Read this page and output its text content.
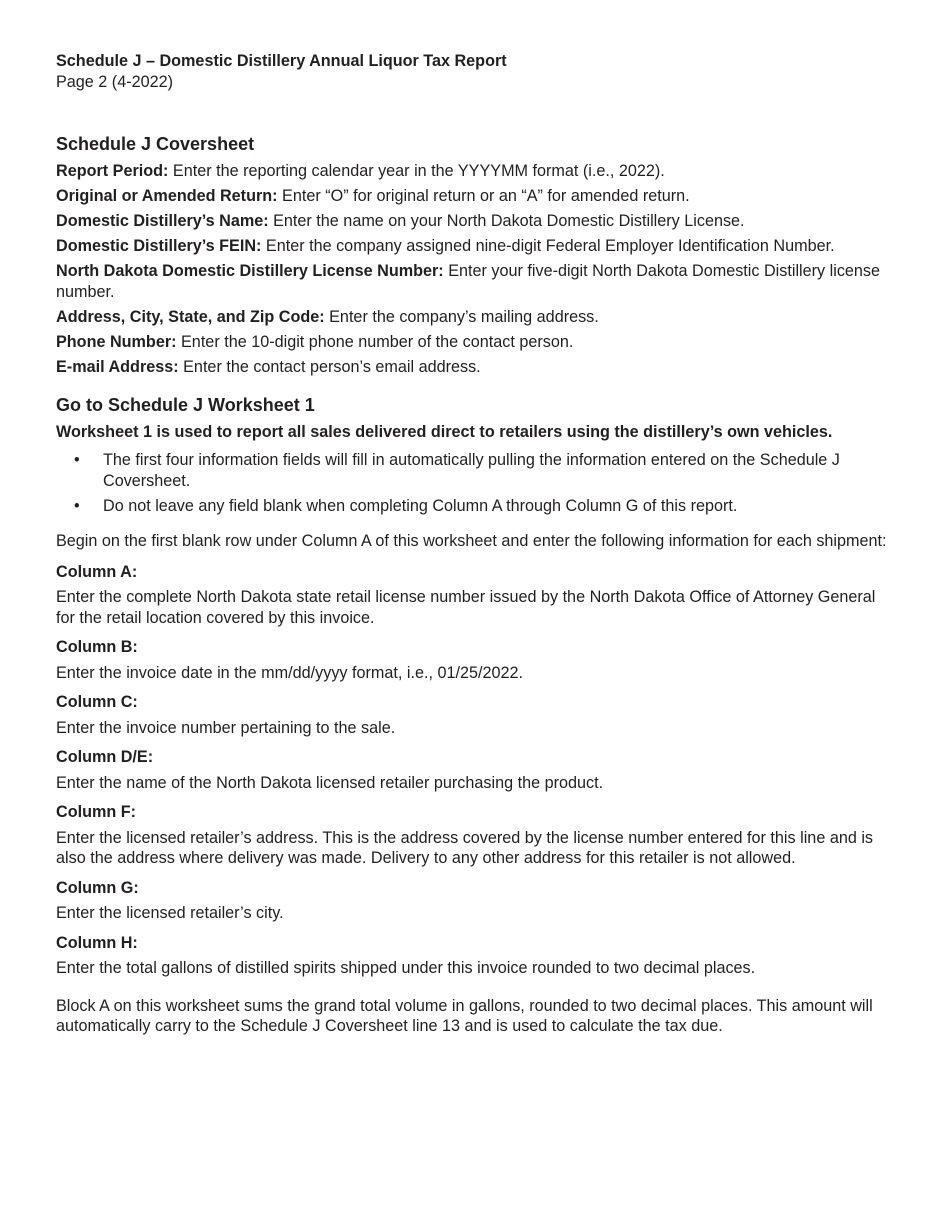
Schedule J – Domestic Distillery Annual Liquor Tax Report

Page 2 (4-2022)

Schedule J Coversheet

Report Period: Enter the reporting calendar year in the YYYYMM format (i.e., 2022).

Original or Amended Return: Enter “O” for original return or an “A” for amended return.

Domestic Distillery’s Name: Enter the name on your North Dakota Domestic Distillery License.

Domestic Distillery’s FEIN: Enter the company assigned nine-digit Federal Employer Identification Number.

North Dakota Domestic Distillery License Number: Enter your five-digit North Dakota Domestic Distillery license number.

Address, City, State, and Zip Code: Enter the company’s mailing address.

Phone Number: Enter the 10-digit phone number of the contact person.

E-mail Address: Enter the contact person’s email address.

Go to Schedule J Worksheet 1

Worksheet 1 is used to report all sales delivered direct to retailers using the distillery’s own vehicles.

• The first four information fields will fill in automatically pulling the information entered on the Schedule J Coversheet.
• Do not leave any field blank when completing Column A through Column G of this report.

Begin on the first blank row under Column A of this worksheet and enter the following information for each shipment:

Column A:

Enter the complete North Dakota state retail license number issued by the North Dakota Office of Attorney General for the retail location covered by this invoice.

Column B:

Enter the invoice date in the mm/dd/yyyy format, i.e., 01/25/2022.

Column C:

Enter the invoice number pertaining to the sale.

Column D/E:

Enter the name of the North Dakota licensed retailer purchasing the product.

Column F:

Enter the licensed retailer’s address. This is the address covered by the license number entered for this line and is also the address where delivery was made. Delivery to any other address for this retailer is not allowed.

Column G:

Enter the licensed retailer’s city.

Column H:

Enter the total gallons of distilled spirits shipped under this invoice rounded to two decimal places.

Block A on this worksheet sums the grand total volume in gallons, rounded to two decimal places. This amount will automatically carry to the Schedule J Coversheet line 13 and is used to calculate the tax due.
